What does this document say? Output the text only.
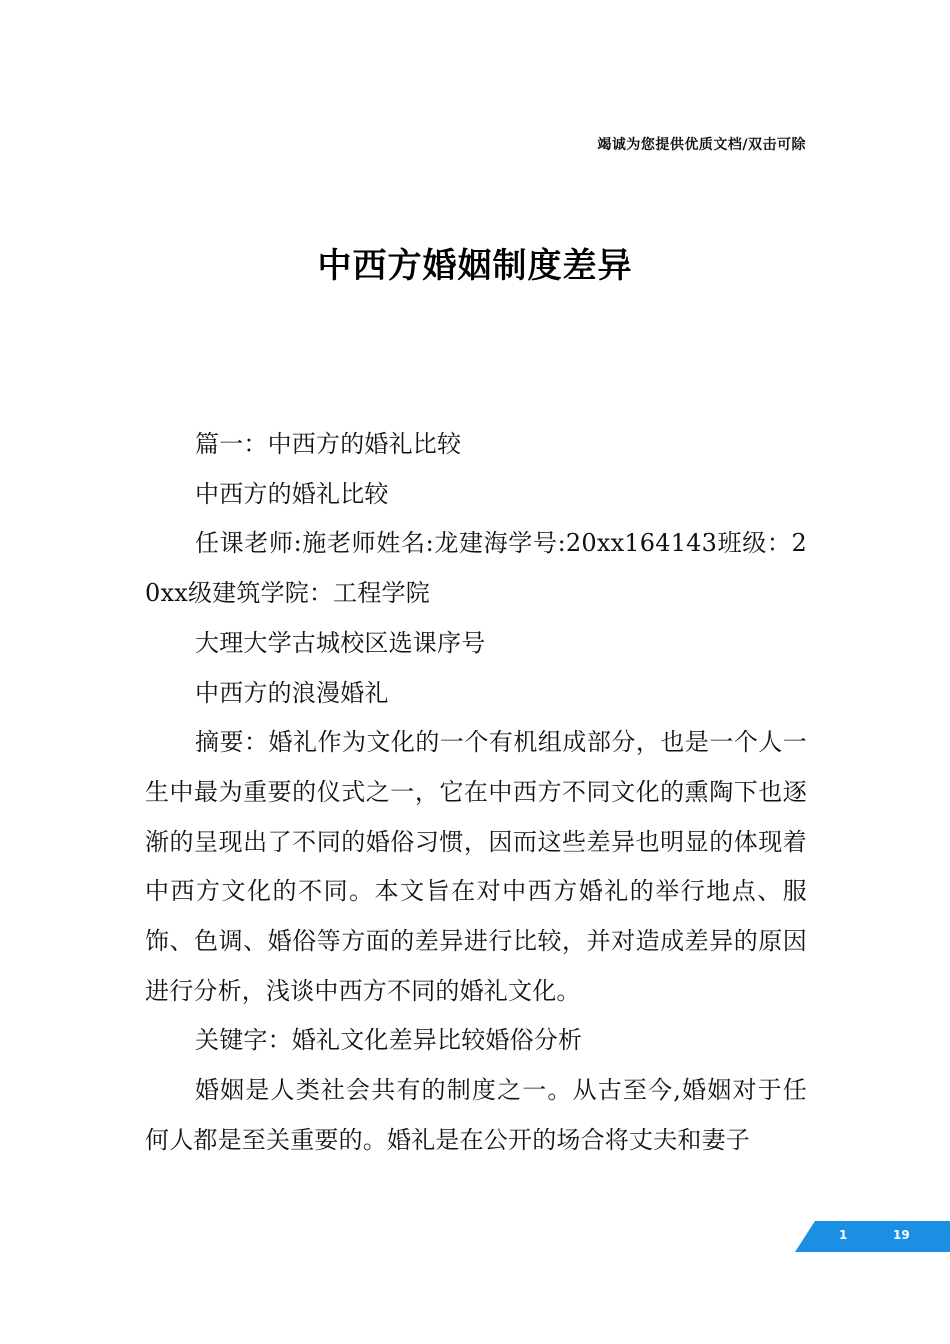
竭诚为您提供优质文档/双击可除
中西方婚姻制度差异

篇一：中西方的婚礼比较

中西方的婚礼比较

任课老师:施老师姓名:龙建海学号:20xx164143班级：20xx级建筑学院：工程学院

大理大学古城校区选课序号

中西方的浪漫婚礼

摘要：婚礼作为文化的一个有机组成部分，也是一个人一生中最为重要的仪式之一，它在中西方不同文化的熏陶下也逐渐的呈现出了不同的婚俗习惯，因而这些差异也明显的体现着中西方文化的不同。本文旨在对中西方婚礼的举行地点、服饰、色调、婚俗等方面的差异进行比较，并对造成差异的原因进行分析，浅谈中西方不同的婚礼文化。

关键字：婚礼文化差异比较婚俗分析

婚姻是人类社会共有的制度之一。从古至今,婚姻对于任何人都是至关重要的。婚礼是在公开的场合将丈夫和妻子

1	19
